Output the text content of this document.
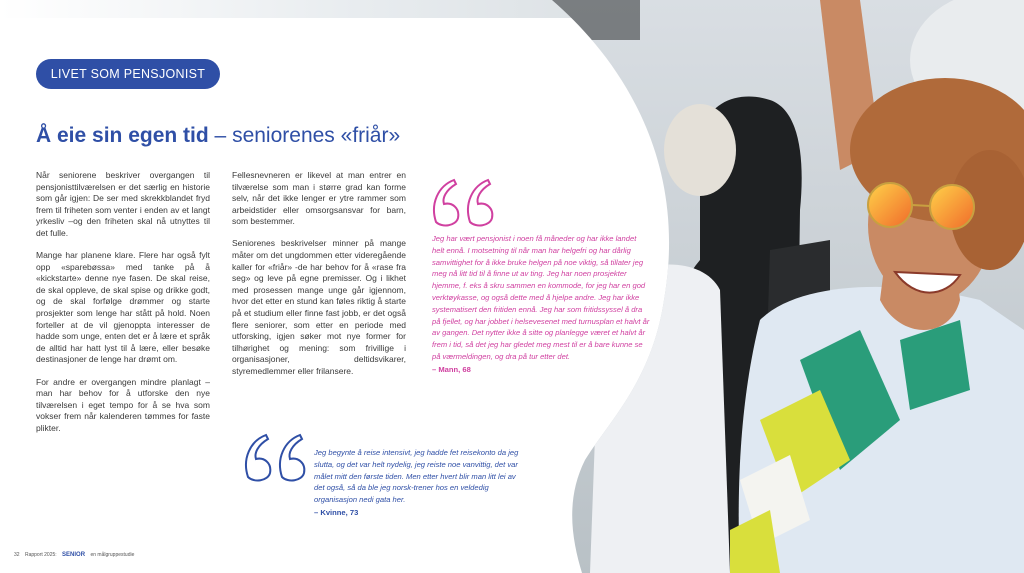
LIVET SOM PENSJONIST
Å eie sin egen tid – seniorenes «friår»

Når seniorene beskriver overgangen til pensjonisttilværelsen er det særlig en historie som går igjen: De ser med skrekkblandet fryd frem til friheten som venter i enden av et langt yrkesliv –og den friheten skal nå utnyttes til det fulle.

Mange har planene klare. Flere har også fylt opp «sparebøssa» med tanke på å «kickstarte» denne nye fasen. De skal reise, de skal oppleve, de skal spise og drikke godt, og de skal forfølge drømmer og starte prosjekter som lenge har stått på hold. Noen forteller at de vil gjenoppta interesser de hadde som unge, enten det er å lære et språk de alltid har hatt lyst til å lære, eller besøke destinasjoner de lenge har drømt om.

For andre er overgangen mindre planlagt –man har behov for å utforske den nye tilværelsen i eget tempo for å se hva som vokser frem når kalenderen tømmes for faste plikter.

Fellesnevneren er likevel at man entrer en tilværelse som man i større grad kan forme selv, når det ikke lenger er ytre rammer som arbeidstider eller omsorgsansvar for barn, som bestemmer.

Seniorenes beskrivelser minner på mange måter om det ungdommen etter videregående kaller for «friår» -de har behov for å «rase fra seg» og leve på egne premisser. Og i likhet med prosessen mange unge går igjennom, hvor det etter en stund kan føles riktig å starte på et studium eller finne fast jobb, er det også flere seniorer, som etter en periode med utforsking, igjen søker mot nye former for tilhørighet og mening: som frivillige i organisasjoner, deltidsvikarer, styremedlemmer eller frilansere.

Jeg har vært pensjonist i noen få måneder og har ikke landet helt ennå. I motsetning til når man har helgefri og har dårlig samvittighet for å ikke bruke helgen på noe viktig, så tillater jeg meg nå litt tid til å finne ut av ting. Jeg har noen prosjekter hjemme, f. eks å skru sammen en kommode, for jeg har en god verktøykasse, og også dette med å hjelpe andre. Jeg har ikke systematisert den fritiden ennå. Jeg har som fritidssyssel å dra på fjellet, og har jobbet i helsevesenet med turnusplan et halvt år av gangen. Det nytter ikke å sitte og planlegge været et halvt år frem i tid, så det jeg har gledet meg mest til er å bare kunne se på værmeldingen, og dra på tur etter det.
– Mann, 68
Jeg begynte å reise intensivt, jeg hadde fet reisekonto da jeg slutta, og det var helt nydelig, jeg reiste noe vanvittig, det var målet mitt den første tiden. Men etter hvert blir man litt lei av det også, så da ble jeg norsk-trener hos en veldedig organisasjon nedi gata her.
– Kvinne, 73
32 Rapport 2025: SENIOR en målgruppestudie
